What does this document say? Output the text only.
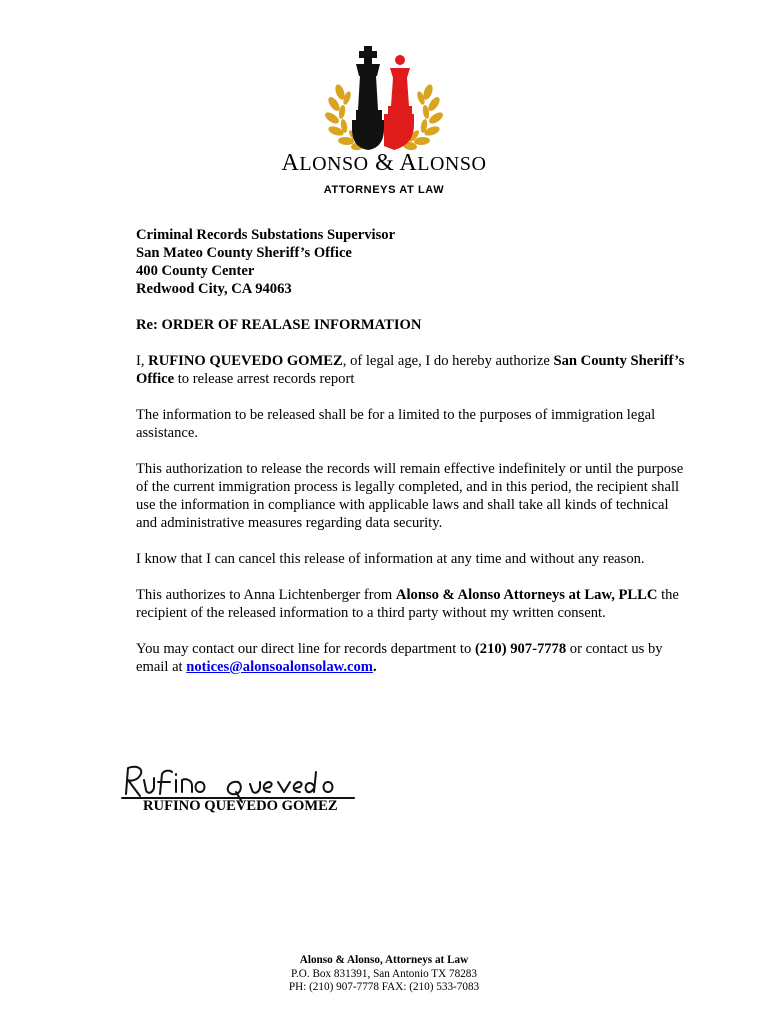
ALONSO & ALONSO
ATTORNEYS AT LAW
Criminal Records Substations Supervisor
San Mateo County Sheriff’s Office
400 County Center
Redwood City, CA 94063
Re: ORDER OF REALASE INFORMATION

I, RUFINO QUEVEDO GOMEZ, of legal age, I do hereby authorize San County Sheriff’s Office to release arrest records report

The information to be released shall be for a limited to the purposes of immigration legal assistance.

This authorization to release the records will remain effective indefinitely or until the purpose of the current immigration process is legally completed, and in this period, the recipient shall use the information in compliance with applicable laws and shall take all kinds of technical and administrative measures regarding data security.

I know that I can cancel this release of information at any time and without any reason.

This authorizes to Anna Lichtenberger from Alonso & Alonso Attorneys at Law, PLLC the recipient of the released information to a third party without my written consent.

You may contact our direct line for records department to (210) 907-7778 or contact us by email at notices@alonsoalonsolaw.com.

RUFINO QUEVEDO GOMEZ
Alonso & Alonso, Attorneys at Law
P.O. Box 831391, San Antonio TX 78283
PH: (210) 907-7778 FAX: (210) 533-7083
